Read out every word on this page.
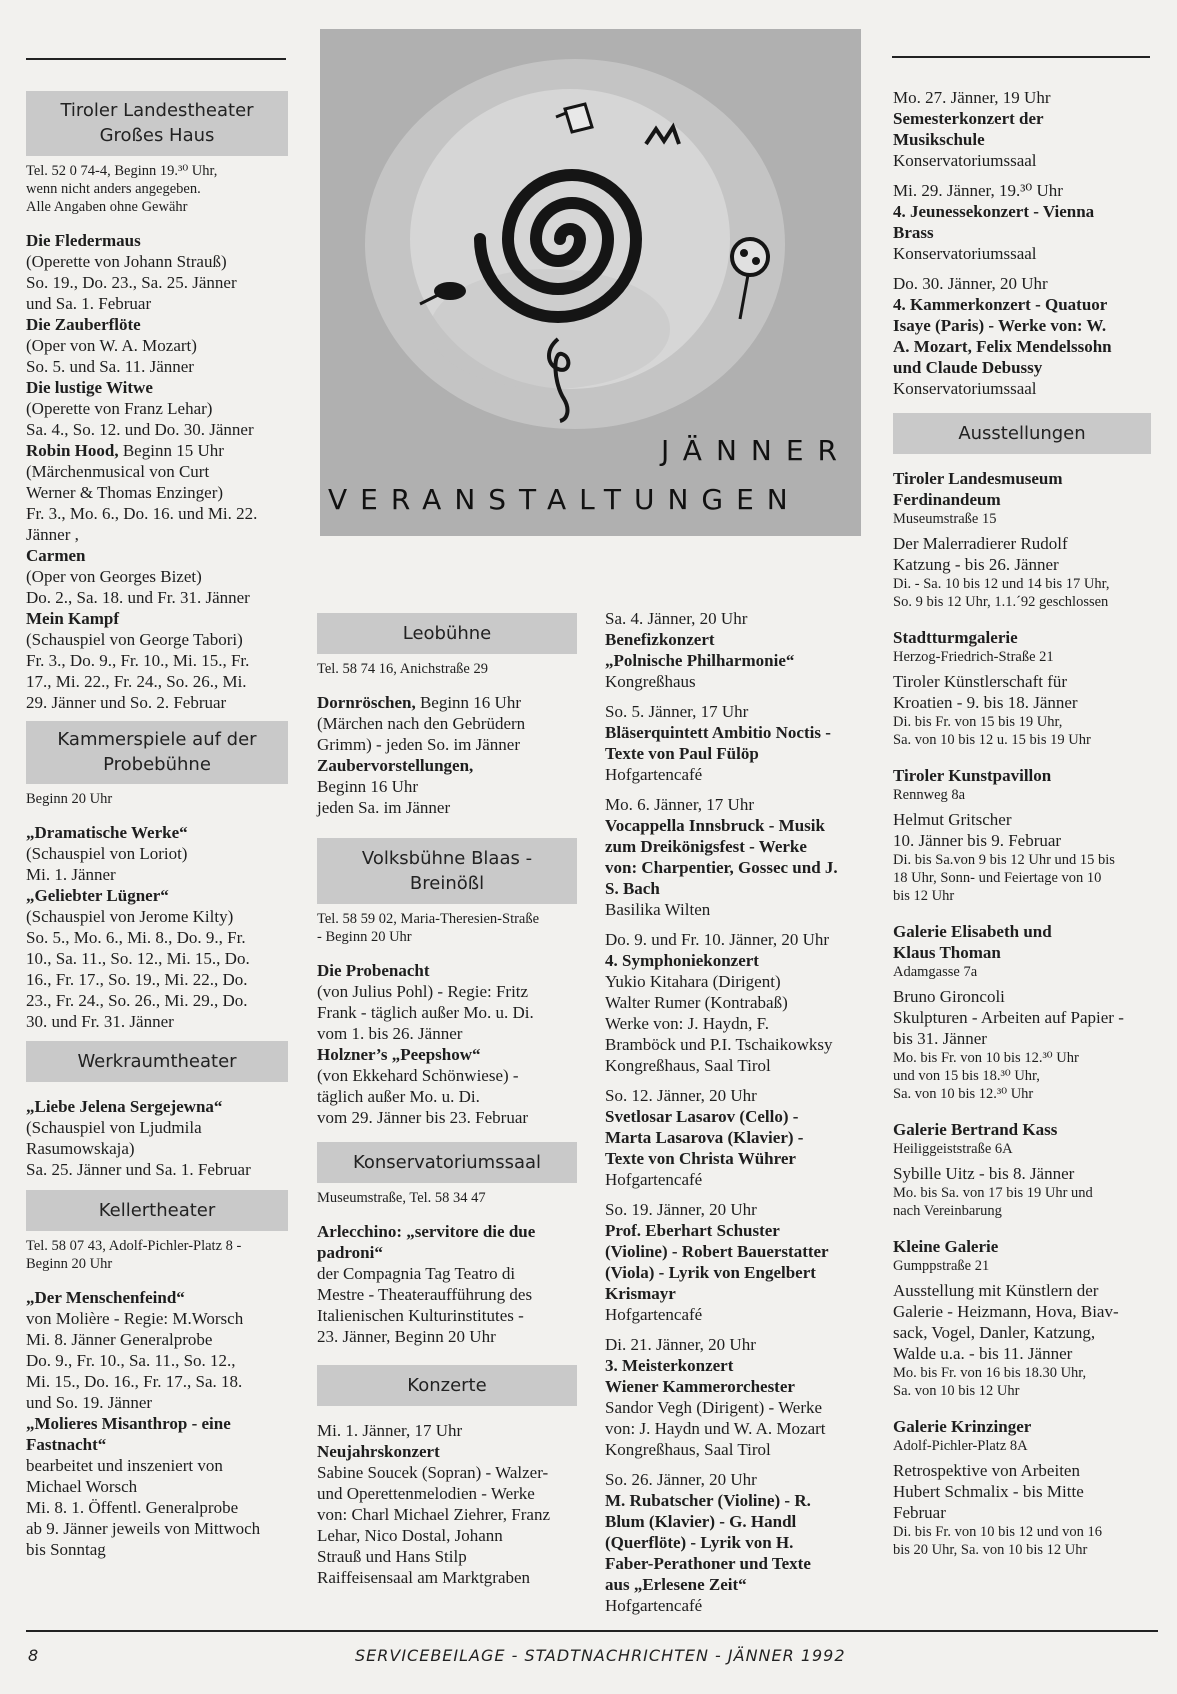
JÄNNER
VERANSTALTUNGEN
Tiroler Landestheater Großes Haus
Tel. 52 0 74-4, Beginn 19.³⁰ Uhr,
wenn nicht anders angegeben.
Alle Angaben ohne Gewähr
Die Fledermaus
(Operette von Johann Strauß)
So. 19., Do. 23., Sa. 25. Jänner
und Sa. 1. Februar
Die Zauberflöte
(Oper von W. A. Mozart)
So. 5. und Sa. 11. Jänner
Die lustige Witwe
(Operette von Franz Lehar)
Sa. 4., So. 12. und Do. 30. Jänner
Robin Hood, Beginn 15 Uhr
(Märchenmusical von Curt
Werner & Thomas Enzinger)
Fr. 3., Mo. 6., Do. 16. und Mi. 22.
Jänner ,
Carmen
(Oper von Georges Bizet)
Do. 2., Sa. 18. und Fr. 31. Jänner
Mein Kampf
(Schauspiel von George Tabori)
Fr. 3., Do. 9., Fr. 10., Mi. 15., Fr.
17., Mi. 22., Fr. 24., So. 26., Mi.
29. Jänner und So. 2. Februar
Kammerspiele auf der Probebühne
Beginn 20 Uhr
„Dramatische Werke“
(Schauspiel von Loriot)
Mi. 1. Jänner
„Geliebter Lügner“
(Schauspiel von Jerome Kilty)
So. 5., Mo. 6., Mi. 8., Do. 9., Fr.
10., Sa. 11., So. 12., Mi. 15., Do.
16., Fr. 17., So. 19., Mi. 22., Do.
23., Fr. 24., So. 26., Mi. 29., Do.
30. und Fr. 31. Jänner
Werkraumtheater
„Liebe Jelena Sergejewna“
(Schauspiel von Ljudmila
Rasumowskaja)
Sa. 25. Jänner und Sa. 1. Februar
Kellertheater
Tel. 58 07 43, Adolf-Pichler-Platz 8 -
Beginn 20 Uhr
„Der Menschenfeind“
von Molière - Regie: M.Worsch
Mi. 8. Jänner Generalprobe
Do. 9., Fr. 10., Sa. 11., So. 12.,
Mi. 15., Do. 16., Fr. 17., Sa. 18.
und So. 19. Jänner
„Molieres Misanthrop - eine
Fastnacht“
bearbeitet und inszeniert von
Michael Worsch
Mi. 8. 1. Öffentl. Generalprobe
ab 9. Jänner jeweils von Mittwoch
bis Sonntag
Leobühne
Tel. 58 74 16, Anichstraße 29
Dornröschen, Beginn 16 Uhr
(Märchen nach den Gebrüdern
Grimm) - jeden So. im Jänner
Zaubervorstellungen,
Beginn 16 Uhr
jeden Sa. im Jänner
Volksbühne Blaas - Breinößl
Tel. 58 59 02, Maria-Theresien-Straße
- Beginn 20 Uhr
Die Probenacht
(von Julius Pohl) - Regie: Fritz
Frank - täglich außer Mo. u. Di.
vom 1. bis 26. Jänner
Holzner’s „Peepshow“
(von Ekkehard Schönwiese) -
täglich außer Mo. u. Di.
vom 29. Jänner bis 23. Februar
Konservatoriumssaal
Museumstraße, Tel. 58 34 47
Arlecchino: „servitore die due
padroni“
der Compagnia Tag Teatro di
Mestre - Theateraufführung des
Italienischen Kulturinstitutes -
23. Jänner, Beginn 20 Uhr
Konzerte
Mi. 1. Jänner, 17 Uhr
Neujahrskonzert
Sabine Soucek (Sopran) - Walzer-
und Operettenmelodien - Werke
von: Charl Michael Ziehrer, Franz
Lehar, Nico Dostal, Johann
Strauß und Hans Stilp
Raiffeisensaal am Marktgraben
Sa. 4. Jänner, 20 Uhr
Benefizkonzert
„Polnische Philharmonie“
Kongreßhaus
So. 5. Jänner, 17 Uhr
Bläserquintett Ambitio Noctis -
Texte von Paul Fülöp
Hofgartencafé
Mo. 6. Jänner, 17 Uhr
Vocappella Innsbruck - Musik
zum Dreikönigsfest - Werke
von: Charpentier, Gossec und J.
S. Bach
Basilika Wilten
Do. 9. und Fr. 10. Jänner, 20 Uhr
4. Symphoniekonzert
Yukio Kitahara (Dirigent)
Walter Rumer (Kontrabaß)
Werke von: J. Haydn, F.
Bramböck und P.I. Tschaikowksy
Kongreßhaus, Saal Tirol
So. 12. Jänner, 20 Uhr
Svetlosar Lasarov (Cello) -
Marta Lasarova (Klavier) -
Texte von Christa Wührer
Hofgartencafé
So. 19. Jänner, 20 Uhr
Prof. Eberhart Schuster
(Violine) - Robert Bauerstatter
(Viola) - Lyrik von Engelbert
Krismayr
Hofgartencafé
Di. 21. Jänner, 20 Uhr
3. Meisterkonzert
Wiener Kammerorchester
Sandor Vegh (Dirigent) - Werke
von: J. Haydn und W. A. Mozart
Kongreßhaus, Saal Tirol
So. 26. Jänner, 20 Uhr
M. Rubatscher (Violine) - R.
Blum (Klavier) - G. Handl
(Querflöte) - Lyrik von H.
Faber-Perathoner und Texte
aus „Erlesene Zeit“
Hofgartencafé
Mo. 27. Jänner, 19 Uhr
Semesterkonzert der
Musikschule
Konservatoriumssaal
Mi. 29. Jänner, 19.³⁰ Uhr
4. Jeunessekonzert - Vienna
Brass
Konservatoriumssaal
Do. 30. Jänner, 20 Uhr
4. Kammerkonzert - Quatuor
Isaye (Paris) - Werke von: W.
A. Mozart, Felix Mendelssohn
und Claude Debussy
Konservatoriumssaal
Ausstellungen
Tiroler Landesmuseum
Ferdinandeum
Museumstraße 15
Der Malerradierer Rudolf
Katzung - bis 26. Jänner
Di. - Sa. 10 bis 12 und 14 bis 17 Uhr,
So. 9 bis 12 Uhr, 1.1.´92 geschlossen
Stadtturmgalerie
Herzog-Friedrich-Straße 21
Tiroler Künstlerschaft für
Kroatien - 9. bis 18. Jänner
Di. bis Fr. von 15 bis 19 Uhr,
Sa. von 10 bis 12 u. 15 bis 19 Uhr
Tiroler Kunstpavillon
Rennweg 8a
Helmut Gritscher
10. Jänner bis 9. Februar
Di. bis Sa.von 9 bis 12 Uhr und 15 bis
18 Uhr, Sonn- und Feiertage von 10
bis 12 Uhr
Galerie Elisabeth und
Klaus Thoman
Adamgasse 7a
Bruno Gironcoli
Skulpturen - Arbeiten auf Papier -
bis 31. Jänner
Mo. bis Fr. von 10 bis 12.³⁰ Uhr
und von 15 bis 18.³⁰ Uhr,
Sa. von 10 bis 12.³⁰ Uhr
Galerie Bertrand Kass
Heiliggeiststraße 6A
Sybille Uitz - bis 8. Jänner
Mo. bis Sa. von 17 bis 19 Uhr und
nach Vereinbarung
Kleine Galerie
Gumppstraße 21
Ausstellung mit Künstlern der
Galerie - Heizmann, Hova, Biav-
sack, Vogel, Danler, Katzung,
Walde u.a. - bis 11. Jänner
Mo. bis Fr. von 16 bis 18.30 Uhr,
Sa. von 10 bis 12 Uhr
Galerie Krinzinger
Adolf-Pichler-Platz 8A
Retrospektive von Arbeiten
Hubert Schmalix - bis Mitte
Februar
Di. bis Fr. von 10 bis 12 und von 16
bis 20 Uhr, Sa. von 10 bis 12 Uhr
8	SERVICEBEILAGE - STADTNACHRICHTEN - JÄNNER 1992
